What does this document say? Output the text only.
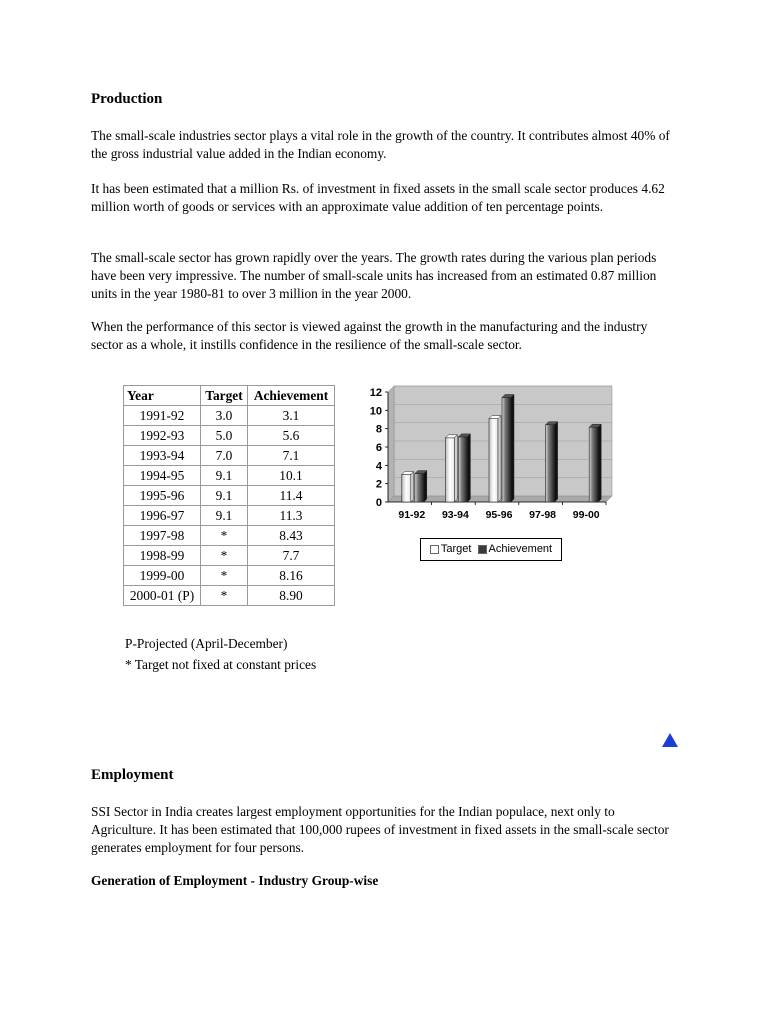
Production

The small-scale industries sector plays a vital role in the growth of the country. It contributes almost 40% of the gross industrial value added in the Indian economy.

It has been estimated that a million Rs. of investment in fixed assets in the small scale sector produces 4.62 million worth of goods or services with an approximate value addition of ten percentage points.

The small-scale sector has grown rapidly over the years. The growth rates during the various plan periods have been very impressive. The number of small-scale units has increased from an estimated 0.87 million units in the year 1980-81 to over 3 million in the year 2000.

When the performance of this sector is viewed against the growth in the manufacturing and the industry sector as a whole, it instills confidence in the resilience of the small-scale sector.

Year	Target	Achievement
1991-92	3.0	3.1
1992-93	5.0	5.6
1993-94	7.0	7.1
1994-95	9.1	10.1
1995-96	9.1	11.4
1996-97	9.1	11.3
1997-98	*	8.43
1998-99	*	7.7
1999-00	*	8.16
2000-01 (P)	*	8.90
P-Projected (April-December)
* Target not fixed at constant prices
0
2
4
6
8
10
12
91-92 93-94 95-96 97-98 99-00
Target Achievement
Employment

SSI Sector in India creates largest employment opportunities for the Indian populace, next only to Agriculture. It has been estimated that 100,000 rupees of investment in fixed assets in the small-scale sector generates employment for four persons.

Generation of Employment - Industry Group-wise
